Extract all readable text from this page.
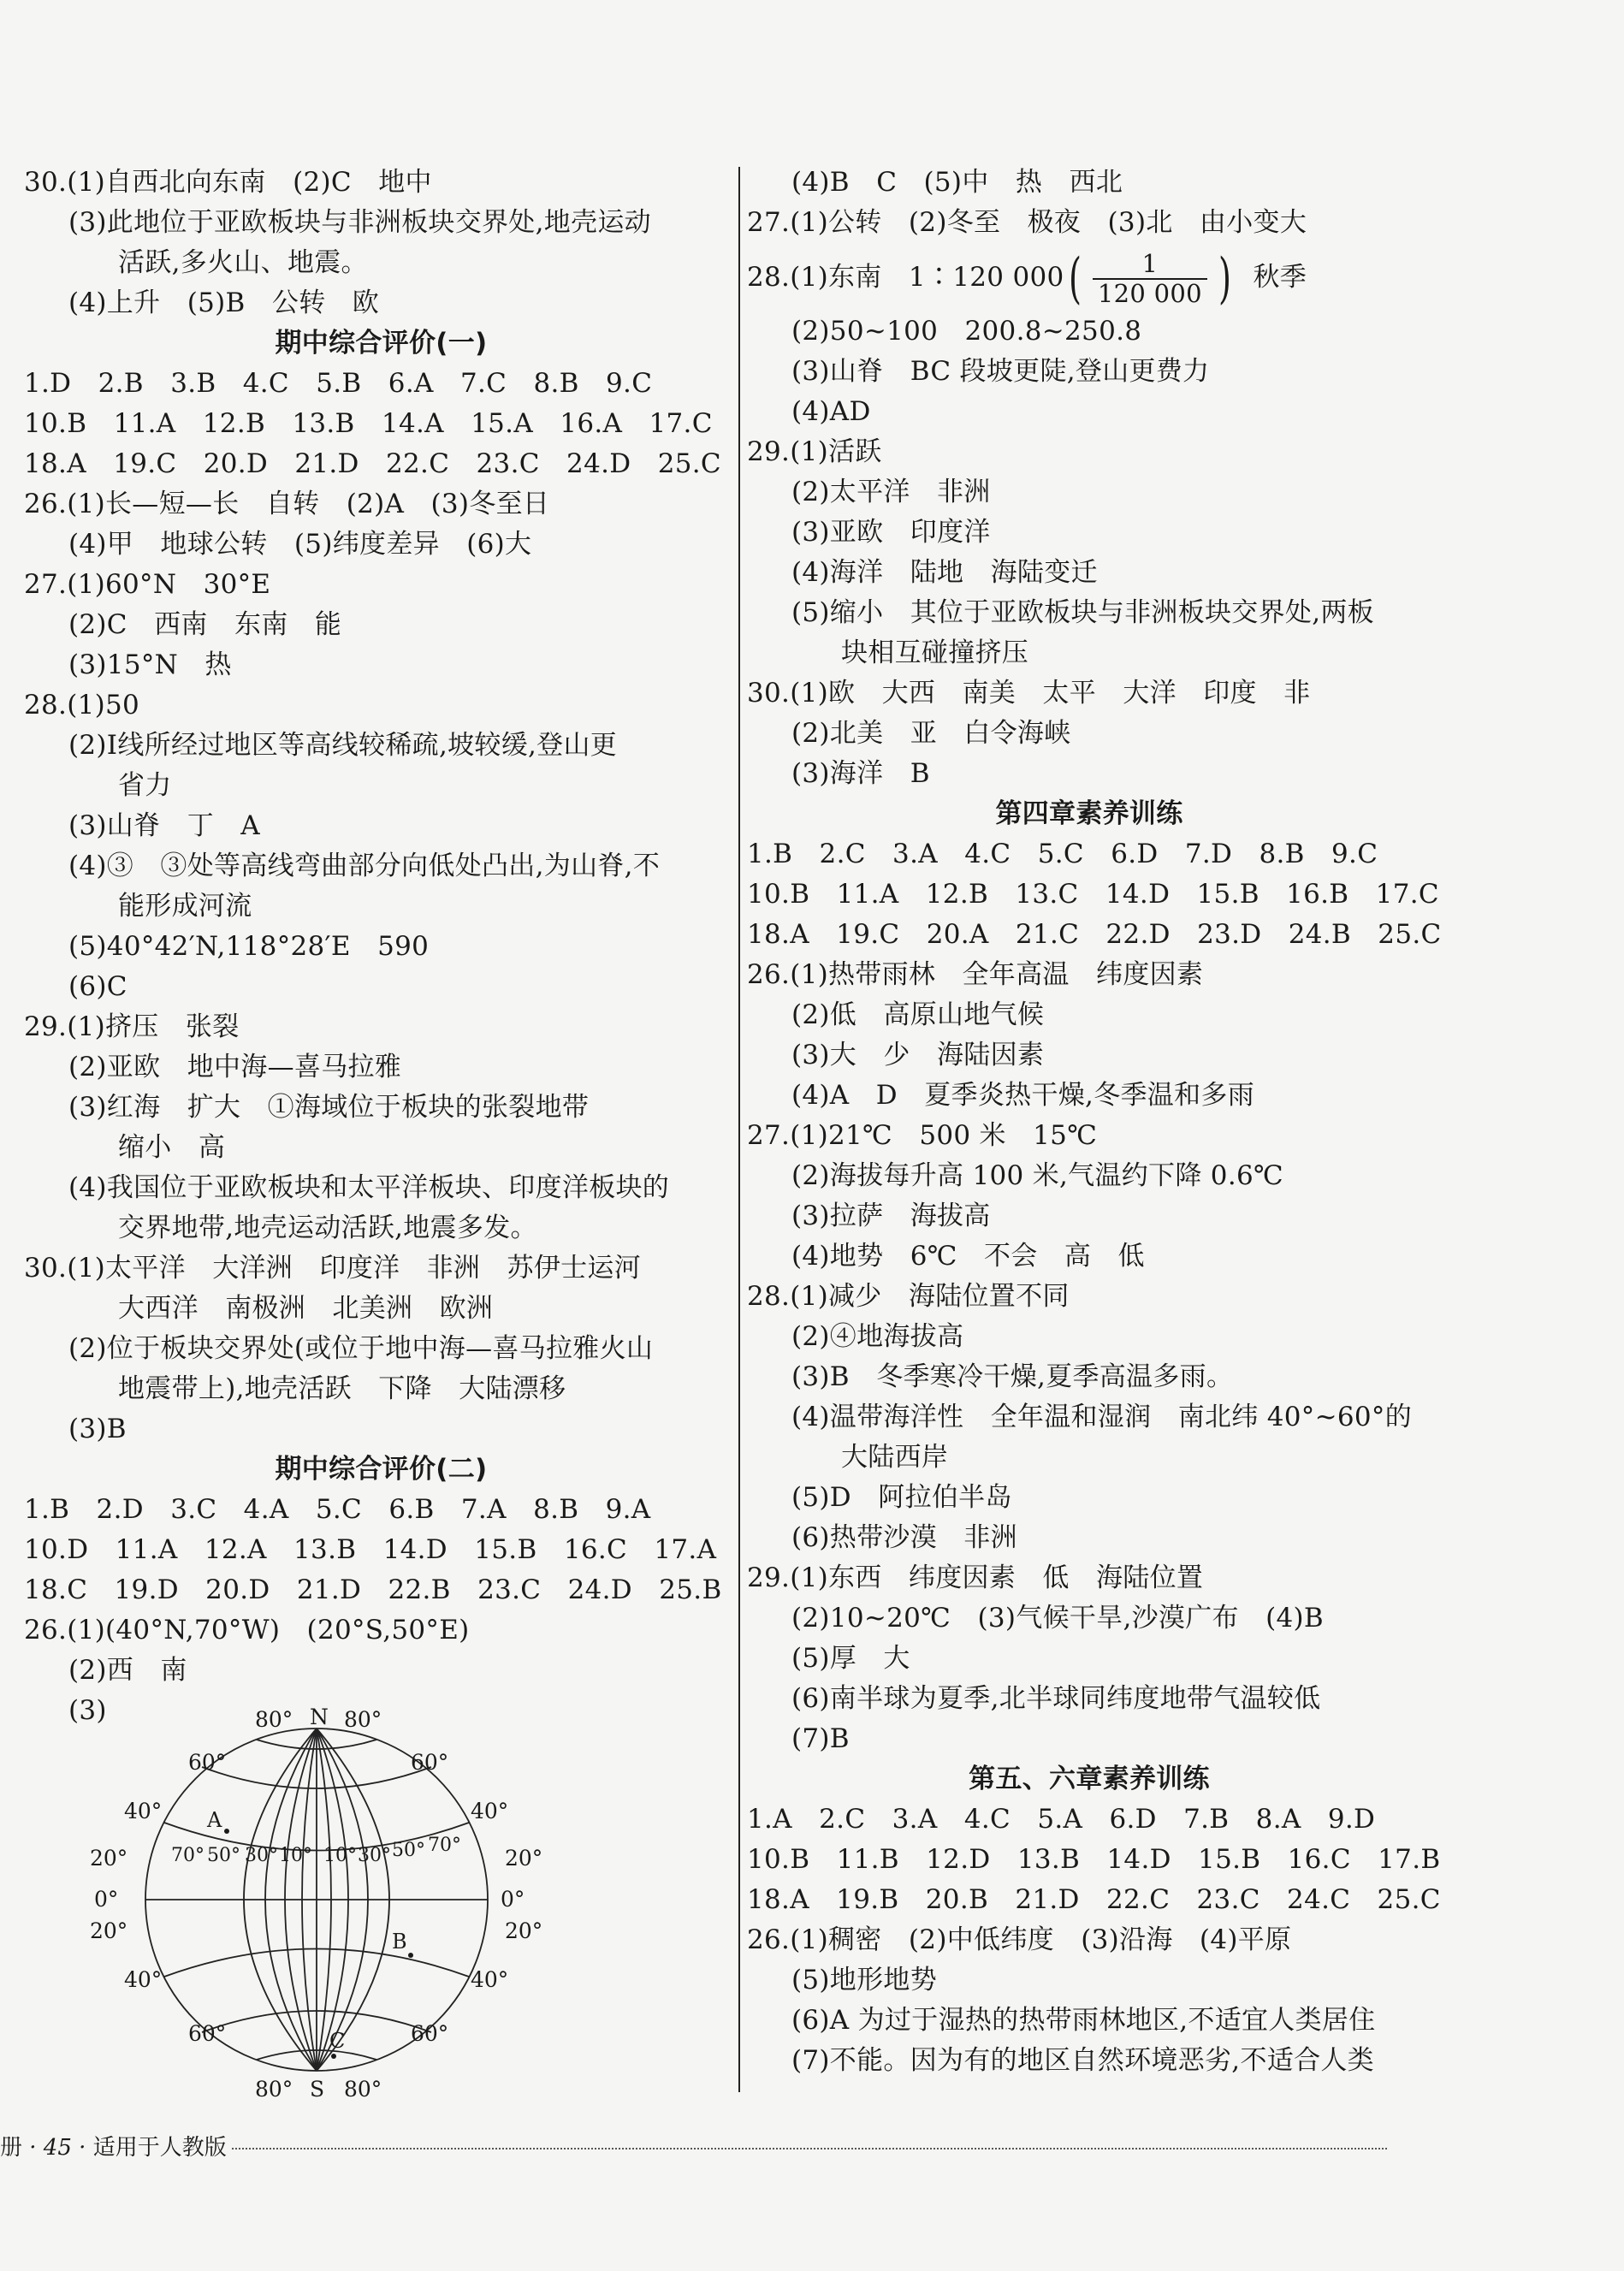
30.(1)自西北向东南　(2)C　地中
(3)此地位于亚欧板块与非洲板块交界处,地壳运动
活跃,多火山、地震。
(4)上升　(5)B　公转　欧
期中综合评价(一)
1.D　2.B　3.B　4.C　5.B　6.A　7.C　8.B　9.C
10.B　11.A　12.B　13.B　14.A　15.A　16.A　17.C
18.A　19.C　20.D　21.D　22.C　23.C　24.D　25.C
26.(1)长—短—长　自转　(2)A　(3)冬至日
(4)甲　地球公转　(5)纬度差异　(6)大
27.(1)60°N　30°E
(2)C　西南　东南　能
(3)15°N　热
28.(1)50
(2)Ⅰ线所经过地区等高线较稀疏,坡较缓,登山更
省力
(3)山脊　丁　A
(4)③　③处等高线弯曲部分向低处凸出,为山脊,不
能形成河流
(5)40°42′N,118°28′E　590
(6)C
29.(1)挤压　张裂
(2)亚欧　地中海—喜马拉雅
(3)红海　扩大　①海域位于板块的张裂地带
缩小　高
(4)我国位于亚欧板块和太平洋板块、印度洋板块的
交界地带,地壳运动活跃,地震多发。
30.(1)太平洋　大洋洲　印度洋　非洲　苏伊士运河
大西洋　南极洲　北美洲　欧洲
(2)位于板块交界处(或位于地中海—喜马拉雅火山
地震带上),地壳活跃　下降　大陆漂移
(3)B
期中综合评价(二)
1.B　2.D　3.C　4.A　5.C　6.B　7.A　8.B　9.A
10.D　11.A　12.A　13.B　14.D　15.B　16.C　17.A
18.C　19.D　20.D　21.D　22.B　23.C　24.D　25.B
26.(1)(40°N,70°W)　(20°S,50°E)
(2)西　南
(3)
(4)B　C　(5)中　热　西北
27.(1)公转　(2)冬至　极夜　(3)北　由小变大
28.(1)东南　1∶120 $000( \frac{1}{120 000}$ ) 秋季
(2)50~100　200.8~250.8
(3)山脊　BC 段坡更陡,登山更费力
(4)AD
29.(1)活跃
(2)太平洋　非洲
(3)亚欧　印度洋
(4)海洋　陆地　海陆变迁
(5)缩小　其位于亚欧板块与非洲板块交界处,两板
块相互碰撞挤压
30.(1)欧　大西　南美　太平　大洋　印度　非
(2)北美　亚　白令海峡
(3)海洋　B
第四章素养训练
1.B　2.C　3.A　4.C　5.C　6.D　7.D　8.B　9.C
10.B　11.A　12.B　13.C　14.D　15.B　16.B　17.C
18.A　19.C　20.A　21.C　22.D　23.D　24.B　25.C
26.(1)热带雨林　全年高温　纬度因素
(2)低　高原山地气候
(3)大　少　海陆因素
(4)A　D　夏季炎热干燥,冬季温和多雨
27.(1)21℃　500 米　15℃
(2)海拔每升高 100 米,气温约下降 0.6℃
(3)拉萨　海拔高
(4)地势　6℃　不会　高　低
28.(1)减少　海陆位置不同
(2)④地海拔高
(3)B　冬季寒冷干燥,夏季高温多雨。
(4)温带海洋性　全年温和湿润　南北纬 40°~60°的
大陆西岸
(5)D　阿拉伯半岛
(6)热带沙漠　非洲
29.(1)东西　纬度因素　低　海陆位置
(2)10~20℃　(3)气候干旱,沙漠广布　(4)B
(5)厚　大
(6)南半球为夏季,北半球同纬度地带气温较低
(7)B
第五、六章素养训练
1.A　2.C　3.A　4.C　5.A　6.D　7.B　8.A　9.D
10.B　11.B　12.D　13.B　14.D　15.B　16.C　17.B
18.A　19.B　20.B　21.D　22.C　23.C　24.C　25.C
26.(1)稠密　(2)中低纬度　(3)沿海　(4)平原
(5)地形地势
(6)A 为过于湿热的热带雨林地区,不适宜人类居住
(7)不能。因为有的地区自然环境恶劣,不适合人类
N
S
80° 80°
80° 80°
60°	60°
60°	60°
40°	40°
40°	40°
20°	20°
20°	20°
0°	0°
70° 50° 30° 10° 10° 30° 50° 70°
A
B
C
册 · 45 · 适用于人教版
